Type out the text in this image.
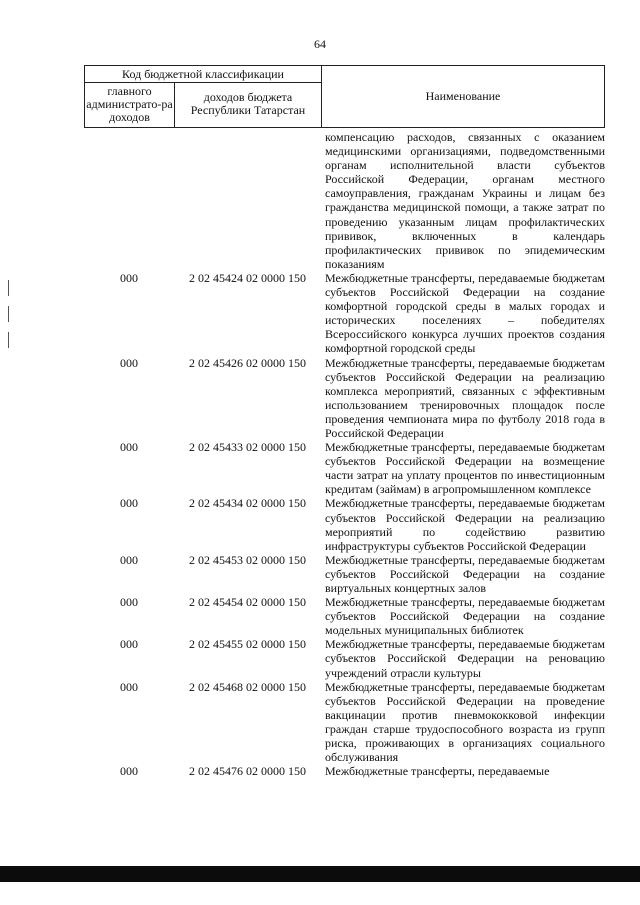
64
Код бюджетной классификации
главного администрато-ра доходов
доходов бюджета Республики Татарстан
Наименование
компенсацию расходов, связанных с оказанием медицинскими организациями, подведомственными органам исполнительной власти субъектов Российской Федерации, органам местного самоуправления, гражданам Украины и лицам без гражданства медицинской помощи, а также затрат по проведению указанным лицам профилактических прививок, включенных в календарь профилактических прививок по эпидемическим показаниям
000	2 02 45424 02 0000 150	Межбюджетные трансферты, передаваемые бюджетам субъектов Российской Федерации на создание комфортной городской среды в малых городах и исторических поселениях – победителях Всероссийского конкурса лучших проектов создания комфортной городской среды
000	2 02 45426 02 0000 150	Межбюджетные трансферты, передаваемые бюджетам субъектов Российской Федерации на реализацию комплекса мероприятий, связанных с эффективным использованием тренировочных площадок после проведения чемпионата мира по футболу 2018 года в Российской Федерации
000	2 02 45433 02 0000 150	Межбюджетные трансферты, передаваемые бюджетам субъектов Российской Федерации на возмещение части затрат на уплату процентов по инвестиционным кредитам (займам) в агропромышленном комплексе
000	2 02 45434 02 0000 150	Межбюджетные трансферты, передаваемые бюджетам субъектов Российской Федерации на реализацию мероприятий по содействию развитию инфраструктуры субъектов Российской Федерации
000	2 02 45453 02 0000 150	Межбюджетные трансферты, передаваемые бюджетам субъектов Российской Федерации на создание виртуальных концертных залов
000	2 02 45454 02 0000 150	Межбюджетные трансферты, передаваемые бюджетам субъектов Российской Федерации на создание модельных муниципальных библиотек
000	2 02 45455 02 0000 150	Межбюджетные трансферты, передаваемые бюджетам субъектов Российской Федерации на реновацию учреждений отрасли культуры
000	2 02 45468 02 0000 150	Межбюджетные трансферты, передаваемые бюджетам субъектов Российской Федерации на проведение вакцинации против пневмококковой инфекции граждан старше трудоспособного возраста из групп риска, проживающих в организациях социального обслуживания
000	2 02 45476 02 0000 150	Межбюджетные трансферты, передаваемые
